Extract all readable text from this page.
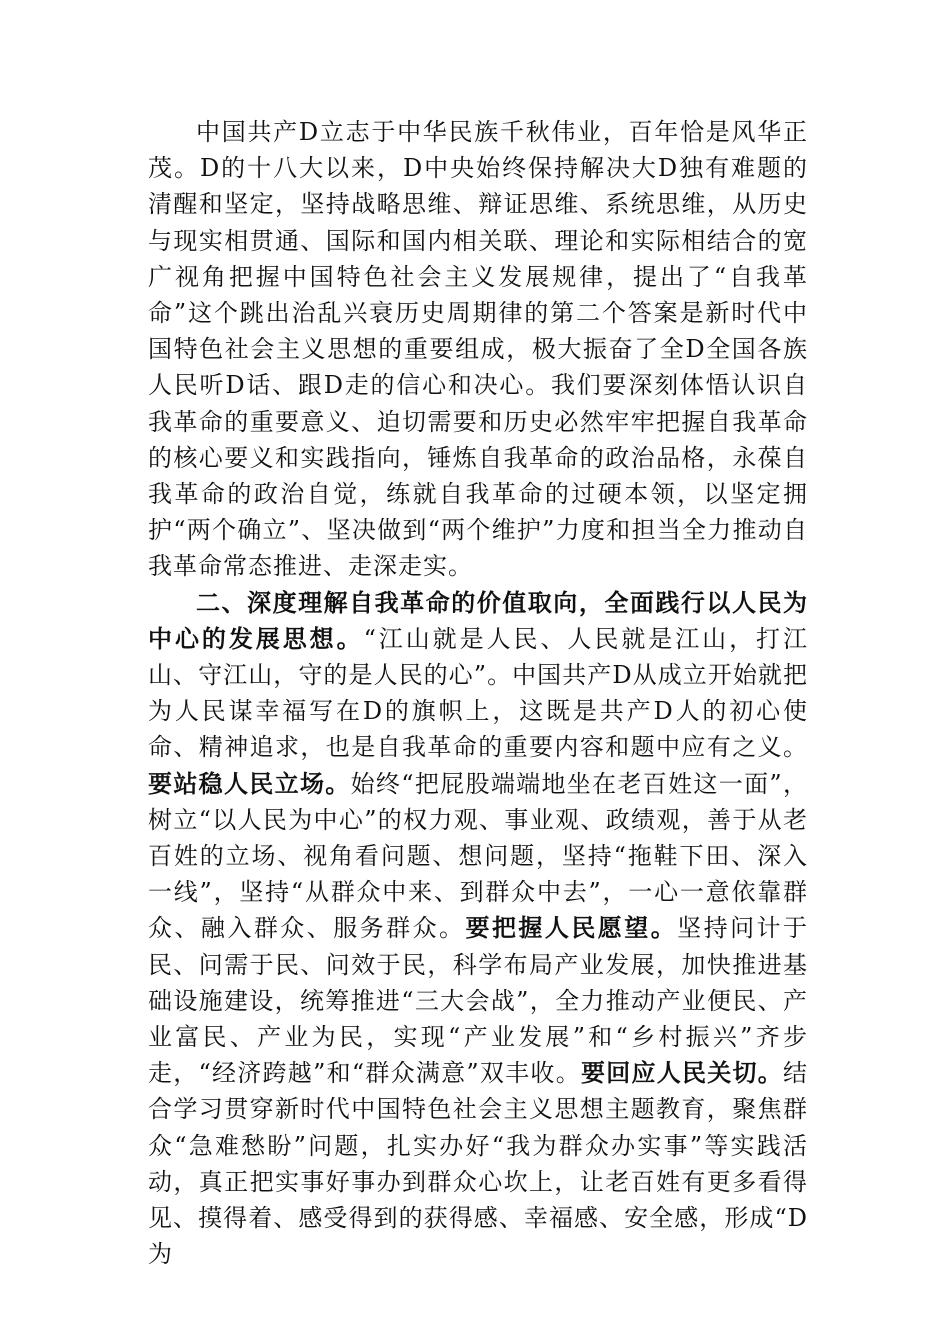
中国共产D立志于中华民族千秋伟业，百年恰是风华正茂。D的十八大以来，D中央始终保持解决大D独有难题的清醒和坚定，坚持战略思维、辩证思维、系统思维，从历史与现实相贯通、国际和国内相关联、理论和实际相结合的宽广视角把握中国特色社会主义发展规律，提出了“自我革命”这个跳出治乱兴衰历史周期律的第二个答案是新时代中国特色社会主义思想的重要组成，极大振奋了全D全国各族人民听D话、跟D走的信心和决心。我们要深刻体悟认识自我革命的重要意义、迫切需要和历史必然牢牢把握自我革命的核心要义和实践指向，锤炼自我革命的政治品格，永葆自我革命的政治自觉，练就自我革命的过硬本领，以坚定拥护“两个确立”、坚决做到“两个维护”力度和担当全力推动自我革命常态推进、走深走实。

二、深度理解自我革命的价值取向，全面践行以人民为中心的发展思想。“江山就是人民、人民就是江山，打江山、守江山，守的是人民的心”。中国共产D从成立开始就把为人民谋幸福写在D的旗帜上，这既是共产D人的初心使命、精神追求，也是自我革命的重要内容和题中应有之义。要站稳人民立场。始终“把屁股端端地坐在老百姓这一面”，树立“以人民为中心”的权力观、事业观、政绩观，善于从老百姓的立场、视角看问题、想问题，坚持“拖鞋下田、深入一线”，坚持“从群众中来、到群众中去”，一心一意依靠群众、融入群众、服务群众。要把握人民愿望。坚持问计于民、问需于民、问效于民，科学布局产业发展，加快推进基础设施建设，统筹推进“三大会战”，全力推动产业便民、产业富民、产业为民，实现“产业发展”和“乡村振兴”齐步走，“经济跨越”和“群众满意”双丰收。要回应人民关切。结合学习贯穿新时代中国特色社会主义思想主题教育，聚焦群众“急难愁盼”问题，扎实办好“我为群众办实事”等实践活动，真正把实事好事办到群众心坎上，让老百姓有更多看得见、摸得着、感受得到的获得感、幸福感、安全感，形成“D为
